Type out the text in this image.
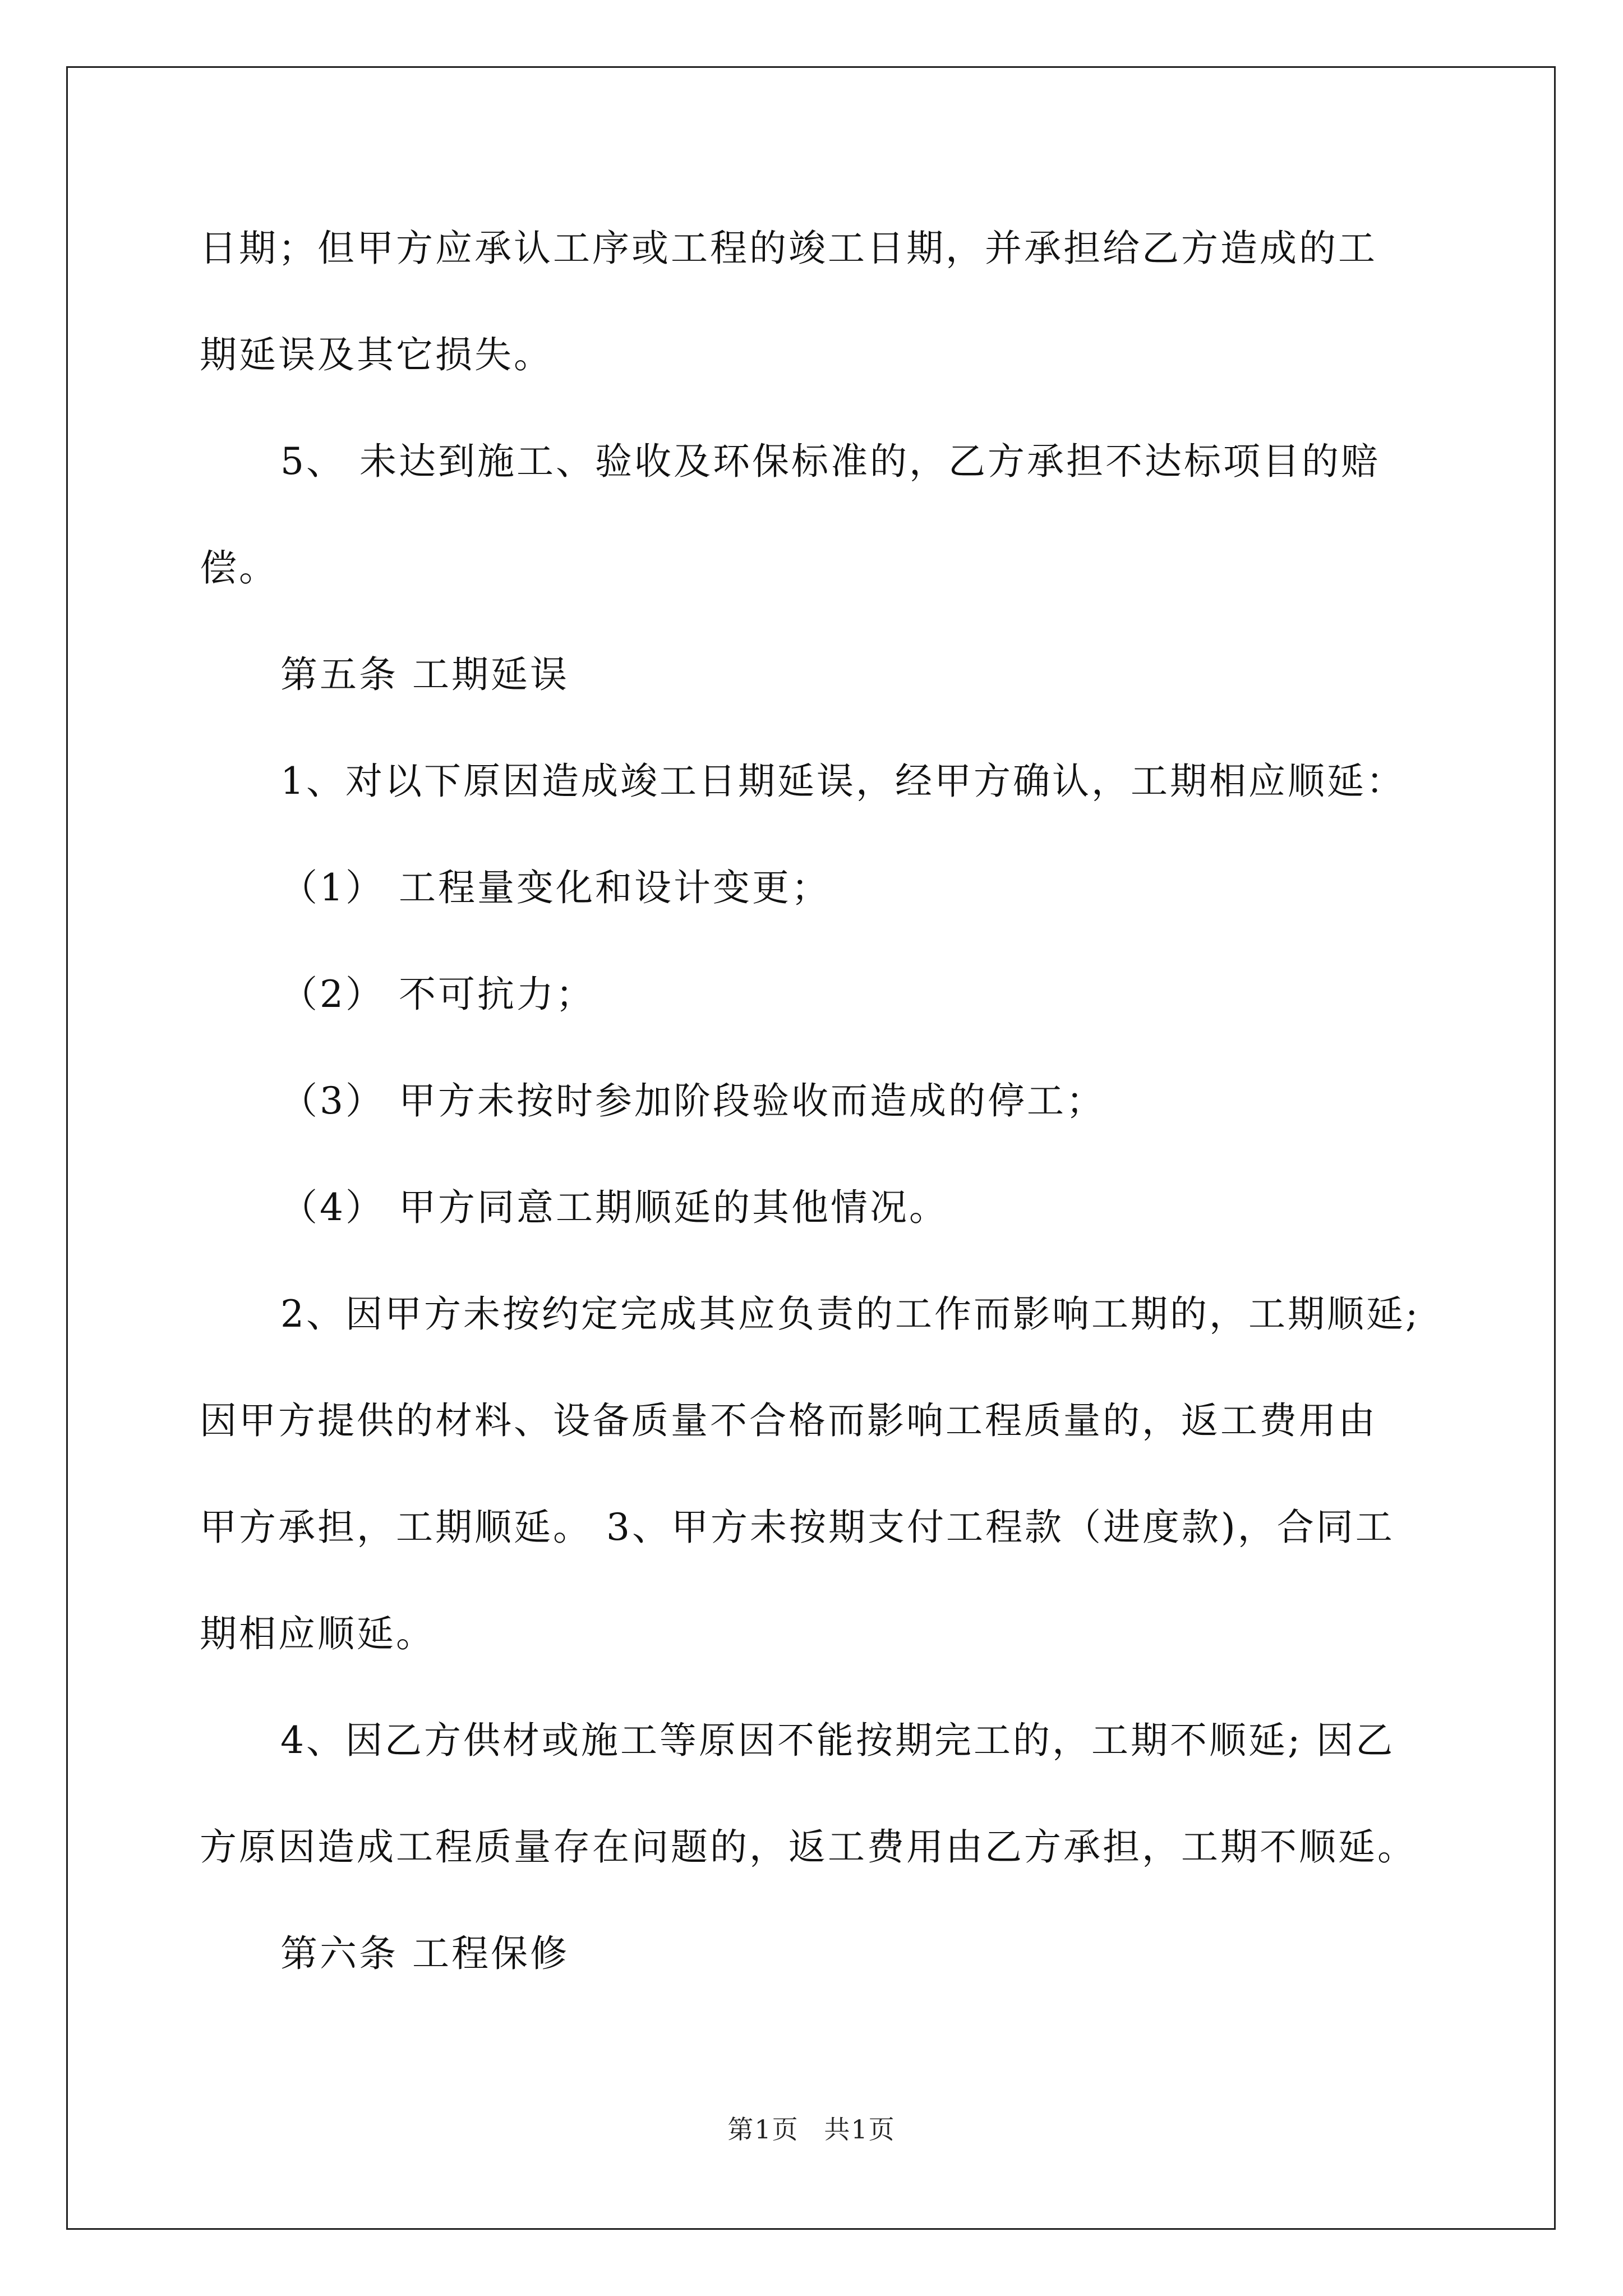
日期；但甲方应承认工序或工程的竣工日期，并承担给乙方造成的工

期延误及其它损失。

5、 未达到施工、验收及环保标准的，乙方承担不达标项目的赔

偿。

第五条 工期延误

1、对以下原因造成竣工日期延误，经甲方确认，工期相应顺延：

（1） 工程量变化和设计变更；

（2） 不可抗力；

（3） 甲方未按时参加阶段验收而造成的停工；

（4） 甲方同意工期顺延的其他情况。

2、因甲方未按约定完成其应负责的工作而影响工期的，工期顺延;

因甲方提供的材料、设备质量不合格而影响工程质量的，返工费用由

甲方承担，工期顺延。 3、甲方未按期支付工程款（进度款)，合同工

期相应顺延。

4、因乙方供材或施工等原因不能按期完工的，工期不顺延; 因乙

方原因造成工程质量存在问题的，返工费用由乙方承担，工期不顺延。

第六条 工程保修

第1页 共1页
